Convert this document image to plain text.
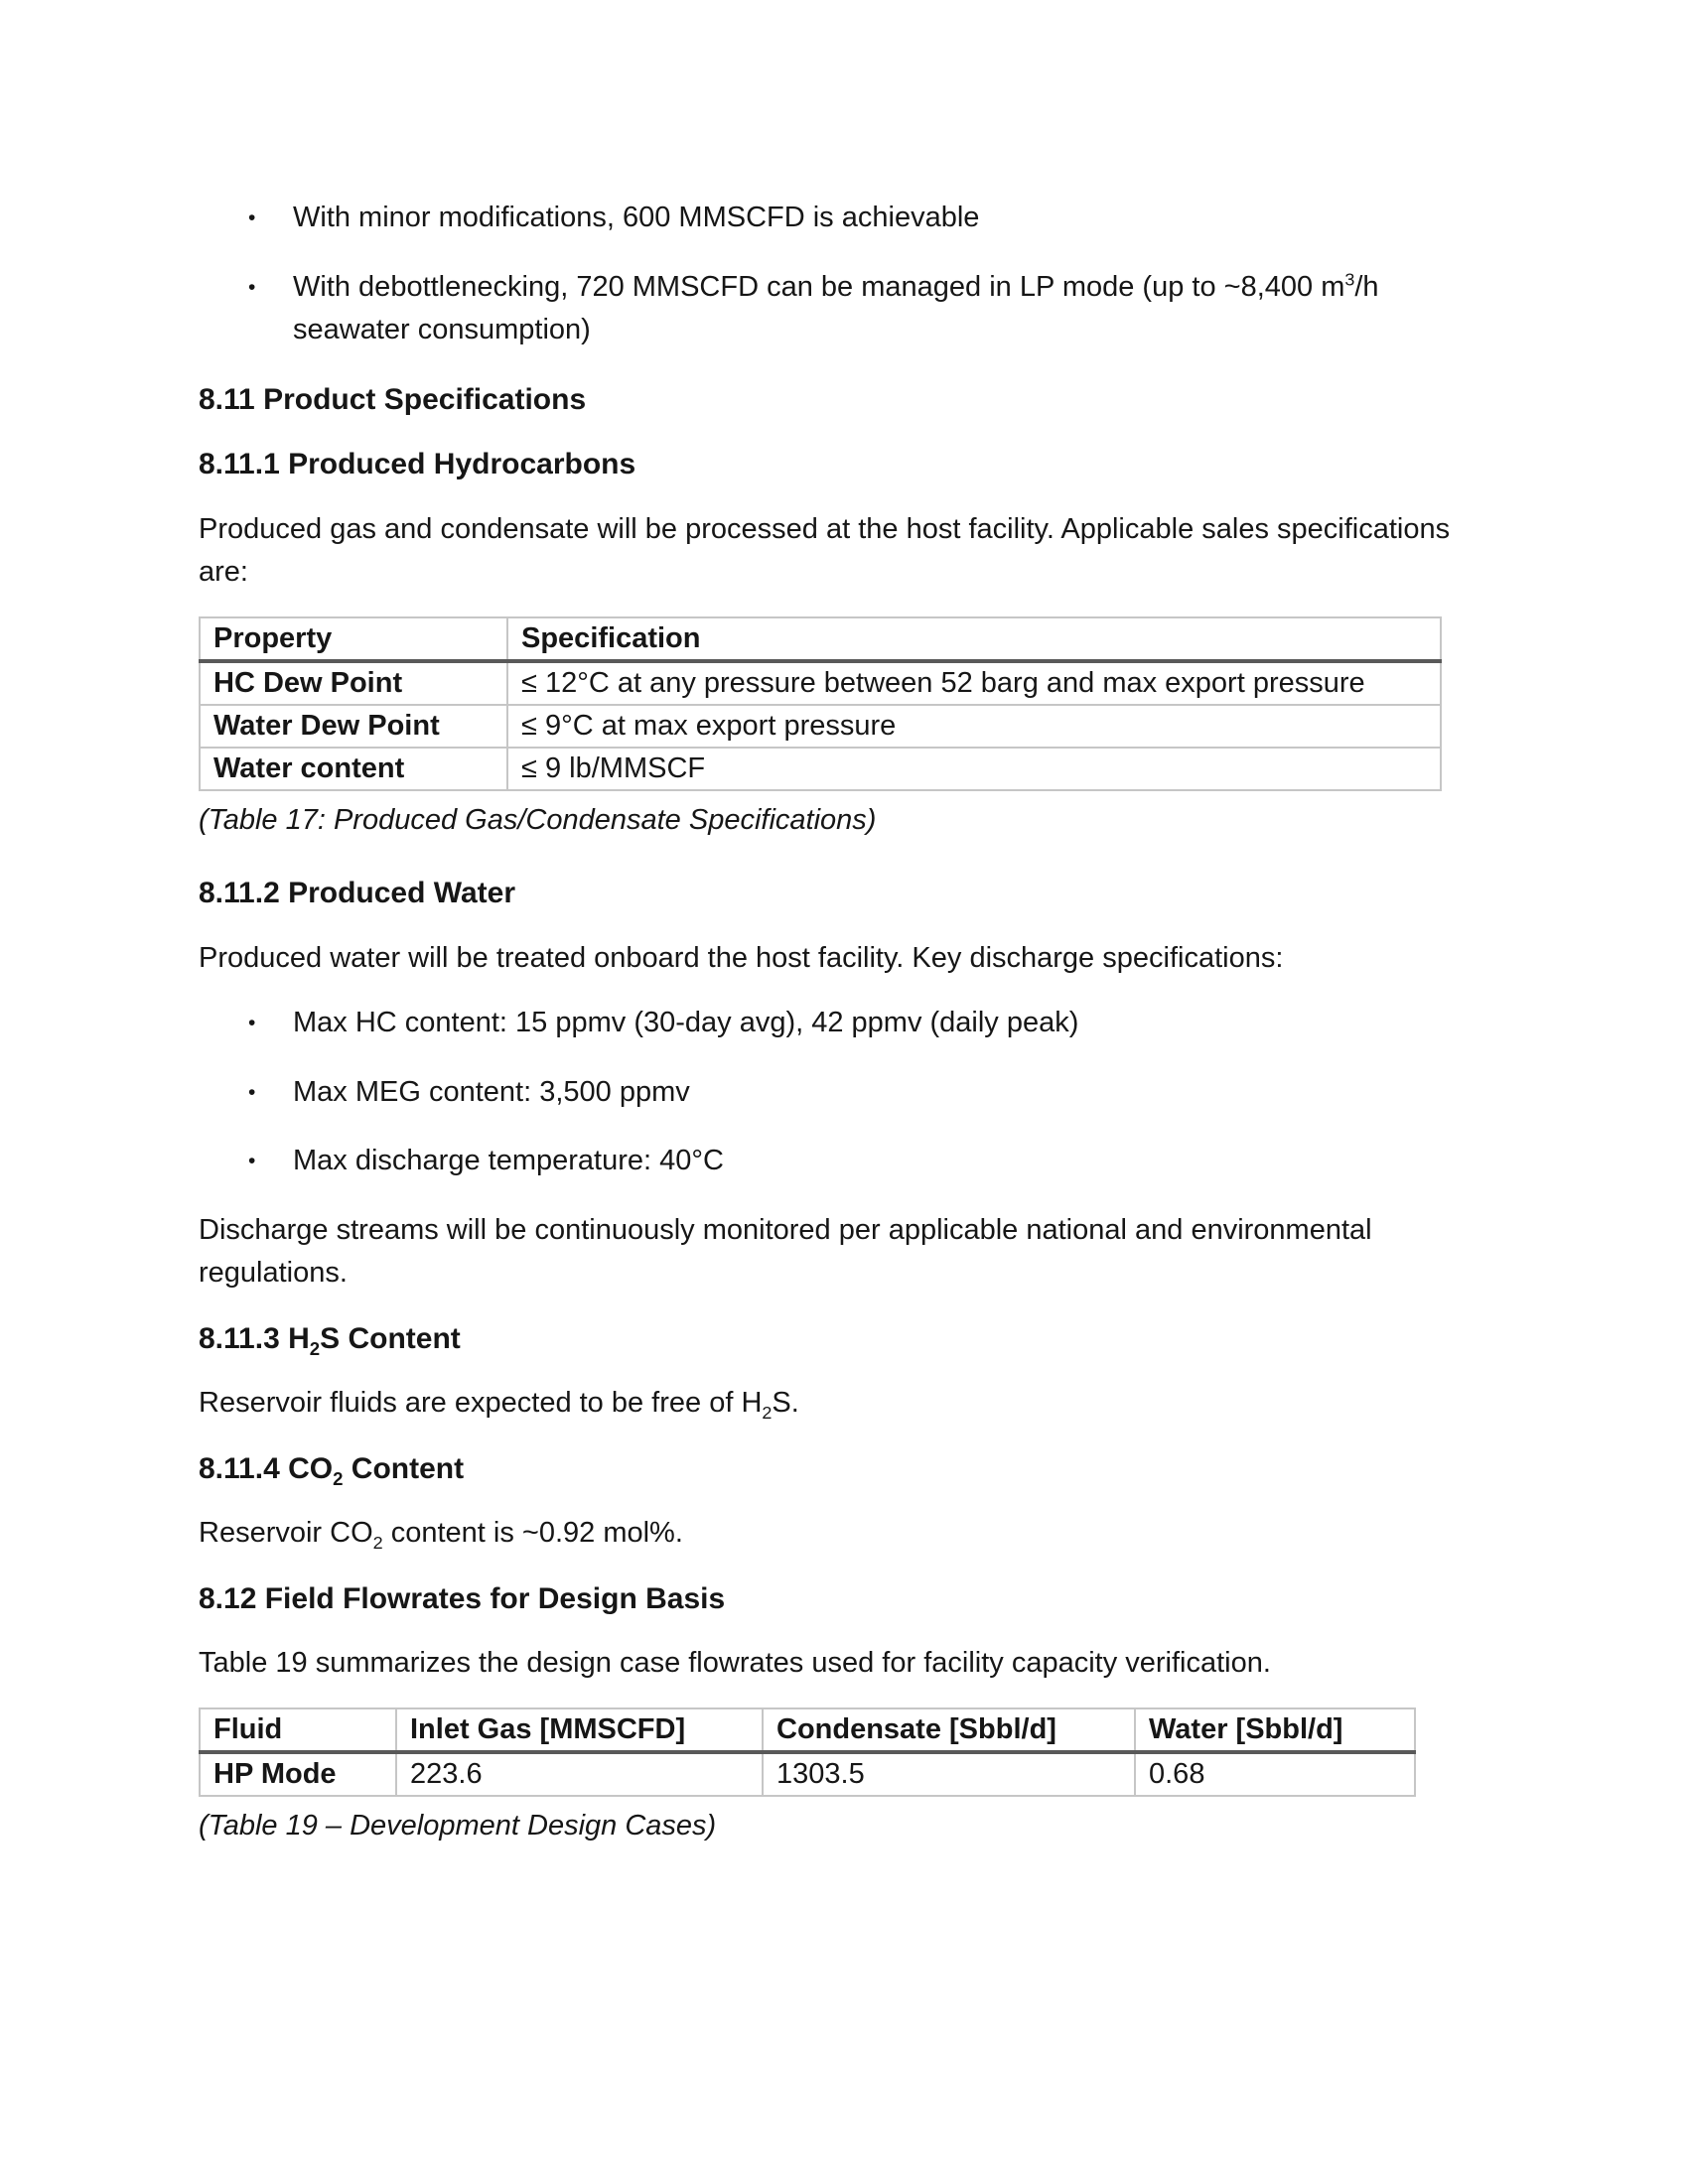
•	With minor modifications, 600 MMSCFD is achievable
•	With debottlenecking, 720 MMSCFD can be managed in LP mode (up to ~8,400 $m^3/h$ seawater consumption)
8.11 Product Specifications
8.11.1 Produced Hydrocarbons
Produced gas and condensate will be processed at the host facility. Applicable sales specifications are:
Property	Specification
HC Dew Point	≤ 12°C at any pressure between 52 barg and max export pressure
Water Dew Point	≤ 9°C at max export pressure
Water content	≤ 9 lb/MMSCF
(Table 17: Produced Gas/Condensate Specifications)
8.11.2 Produced Water
Produced water will be treated onboard the host facility. Key discharge specifications:
•	Max HC content: 15 ppmv (30-day avg), 42 ppmv (daily peak)
•	Max MEG content: 3,500 ppmv
•	Max discharge temperature: 40°C
Discharge streams will be continuously monitored per applicable national and environmental regulations.
8.11.3 $H_2S$ Content
Reservoir fluids are expected to be free of $H_2S$.
8.11.4 $CO_2$ Content
Reservoir $CO_2$ content is ~0.92 mol%.
8.12 Field Flowrates for Design Basis
Table 19 summarizes the design case flowrates used for facility capacity verification.
Fluid	Inlet Gas [MMSCFD]	Condensate [Sbbl/d]	Water [Sbbl/d]
HP Mode	223.6	1303.5	0.68
(Table 19 – Development Design Cases)
